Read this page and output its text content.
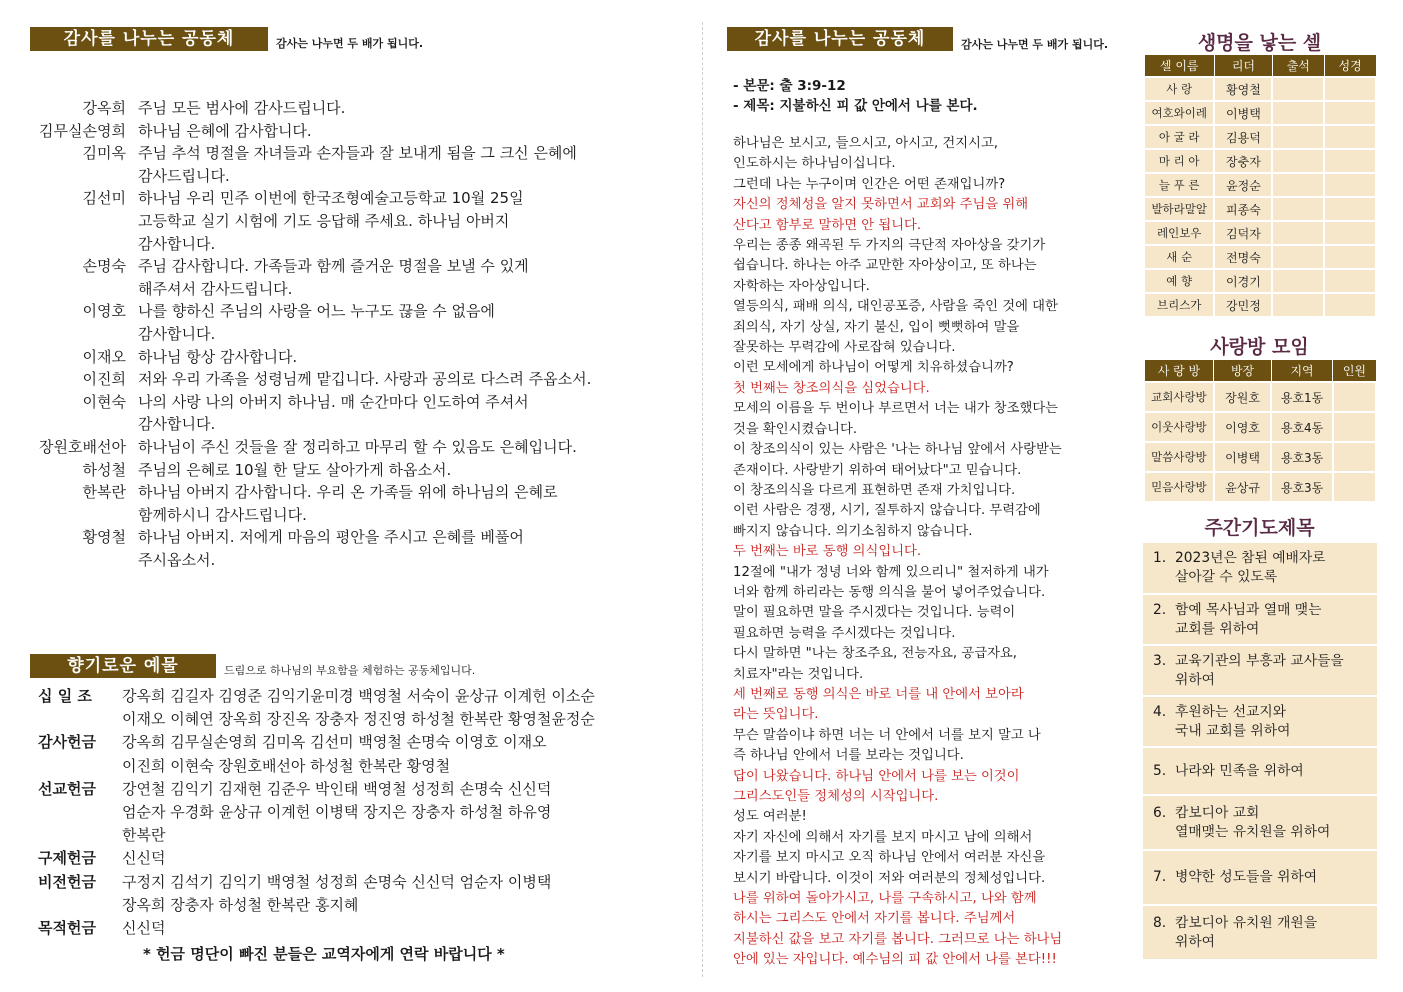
감사를 나누는 공동체	감사는 나누면 두 배가 됩니다.
강옥희 주님 모든 범사에 감사드립니다.
김무실손영희 하나님 은혜에 감사합니다.
김미옥 주님 추석 명절을 자녀들과 손자들과 잘 보내게 됨을 그 크신 은혜에
감사드립니다.
김선미 하나님 우리 민주 이번에 한국조형예술고등학교 10월 25일
고등학교 실기 시험에 기도 응답해 주세요. 하나님 아버지
감사합니다.
손명숙 주님 감사합니다. 가족들과 함께 즐거운 명절을 보낼 수 있게
해주셔서 감사드립니다.
이영호 나를 향하신 주님의 사랑을 어느 누구도 끊을 수 없음에
감사합니다.
이재오 하나님 항상 감사합니다.
이진희 저와 우리 가족을 성령님께 맡깁니다. 사랑과 공의로 다스려 주옵소서.
이현숙 나의 사랑 나의 아버지 하나님. 매 순간마다 인도하여 주셔서
감사합니다.
장원호배선아 하나님이 주신 것들을 잘 정리하고 마무리 할 수 있음도 은혜입니다.
하성철 주님의 은혜로 10월 한 달도 살아가게 하옵소서.
한복란 하나님 아버지 감사합니다. 우리 온 가족들 위에 하나님의 은혜로
함께하시니 감사드립니다.
황영철 하나님 아버지. 저에게 마음의 평안을 주시고 은혜를 베풀어
주시옵소서.
향기로운 예물	드림으로 하나님의 부요함을 체험하는 공동체입니다.
십 일 조	강옥희 김길자 김영준 김익기윤미경 백영철 서숙이 윤상규 이계헌 이소순
이재오 이혜연 장옥희 장진옥 장충자 정진영 하성철 한복란 황영철윤정순
감사헌금	강옥희 김무실손영희 김미옥 김선미 백영철 손명숙 이영호 이재오
이진희 이현숙 장원호배선아 하성철 한복란 황영철
선교헌금	강연철 김익기 김재현 김준우 박인태 백영철 성정희 손명숙 신신덕
엄순자 우경화 윤상규 이계헌 이병택 장지은 장충자 하성철 하유영
한복란
구제헌금	신신덕
비전헌금	구정지 김석기 김익기 백영철 성정희 손명숙 신신덕 엄순자 이병택
장옥희 장충자 하성철 한복란 홍지혜
목적헌금	신신덕
* 헌금 명단이 빠진 분들은 교역자에게 연락 바랍니다 *
감사를 나누는 공동체	감사는 나누면 두 배가 됩니다.
- 본문: 출 3:9-12
- 제목: 지불하신 피 값 안에서 나를 본다.

하나님은 보시고, 들으시고, 아시고, 건지시고,

인도하시는 하나님이십니다.

그런데 나는 누구이며 인간은 어떤 존재입니까?

자신의 정체성을 알지 못하면서 교회와 주님을 위해

산다고 함부로 말하면 안 됩니다.

우리는 종종 왜곡된 두 가지의 극단적 자아상을 갖기가

쉽습니다. 하나는 아주 교만한 자아상이고, 또 하나는

자학하는 자아상입니다.

열등의식, 패배 의식, 대인공포증, 사람을 죽인 것에 대한

죄의식, 자기 상실, 자기 불신, 입이 뻣뻣하여 말을

잘못하는 무력감에 사로잡혀 있습니다.

이런 모세에게 하나님이 어떻게 치유하셨습니까?

첫 번째는 창조의식을 심었습니다.

모세의 이름을 두 번이나 부르면서 너는 내가 창조했다는

것을 확인시켰습니다.

이 창조의식이 있는 사람은 '나는 하나님 앞에서 사랑받는

존재이다. 사랑받기 위하여 태어났다"고 믿습니다.

이 창조의식을 다르게 표현하면 존재 가치입니다.

이런 사람은 경쟁, 시기, 질투하지 않습니다. 무력감에

빠지지 않습니다. 의기소침하지 않습니다.

두 번째는 바로 동행 의식입니다.

12절에 "내가 정녕 너와 함께 있으리니" 철저하게 내가

너와 함께 하리라는 동행 의식을 불어 넣어주었습니다.

말이 필요하면 말을 주시겠다는 것입니다. 능력이

필요하면 능력을 주시겠다는 것입니다.

다시 말하면 "나는 창조주요, 전능자요, 공급자요,

치료자"라는 것입니다.

세 번째로 동행 의식은 바로 너를 내 안에서 보아라

라는 뜻입니다.

무슨 말씀이냐 하면 너는 너 안에서 너를 보지 말고 나

즉 하나님 안에서 너를 보라는 것입니다.

답이 나왔습니다. 하나님 안에서 나를 보는 이것이

그리스도인들 정체성의 시작입니다.

성도 여러분!

자기 자신에 의해서 자기를 보지 마시고 남에 의해서

자기를 보지 마시고 오직 하나님 안에서 여러분 자신을

보시기 바랍니다. 이것이 저와 여러분의 정체성입니다.

나를 위하여 돌아가시고, 나를 구속하시고, 나와 함께

하시는 그리스도 안에서 자기를 봅니다. 주님께서

지불하신 값을 보고 자기를 봅니다. 그러므로 나는 하나님

안에 있는 자입니다. 예수님의 피 값 안에서 나를 본다!!!

생명을 낳는 셀
셀 이름	리더	출석	성경
사 랑	황영철		
여호와이레	이병택		
아 굴 라	김용덕		
마 리 아	장충자		
늘 푸 른	윤정순		
발하라말알	피종숙		
레인보우	김덕자		
새 순	전명숙		
예 향	이경기		
브리스가	강민정		
사랑방 모임
사 랑 방	방장	지역	인원
교회사랑방	장원호	용호1동	
이웃사랑방	이영호	용호4동	
말씀사랑방	이병택	용호3동	
믿음사랑방	윤상규	용호3동	
주간기도제목
1. 2023년은 참된 예배자로
살아갈 수 있도록
2. 함예 목사님과 열매 맺는
교회를 위하여
3. 교육기관의 부흥과 교사들을
위하여
4. 후원하는 선교지와
국내 교회를 위하여
5. 나라와 민족을 위하여
6. 캄보디아 교회
열매맺는 유치원을 위하여
7. 병약한 성도들을 위하여
8. 캄보디아 유치원 개원을
위하여
